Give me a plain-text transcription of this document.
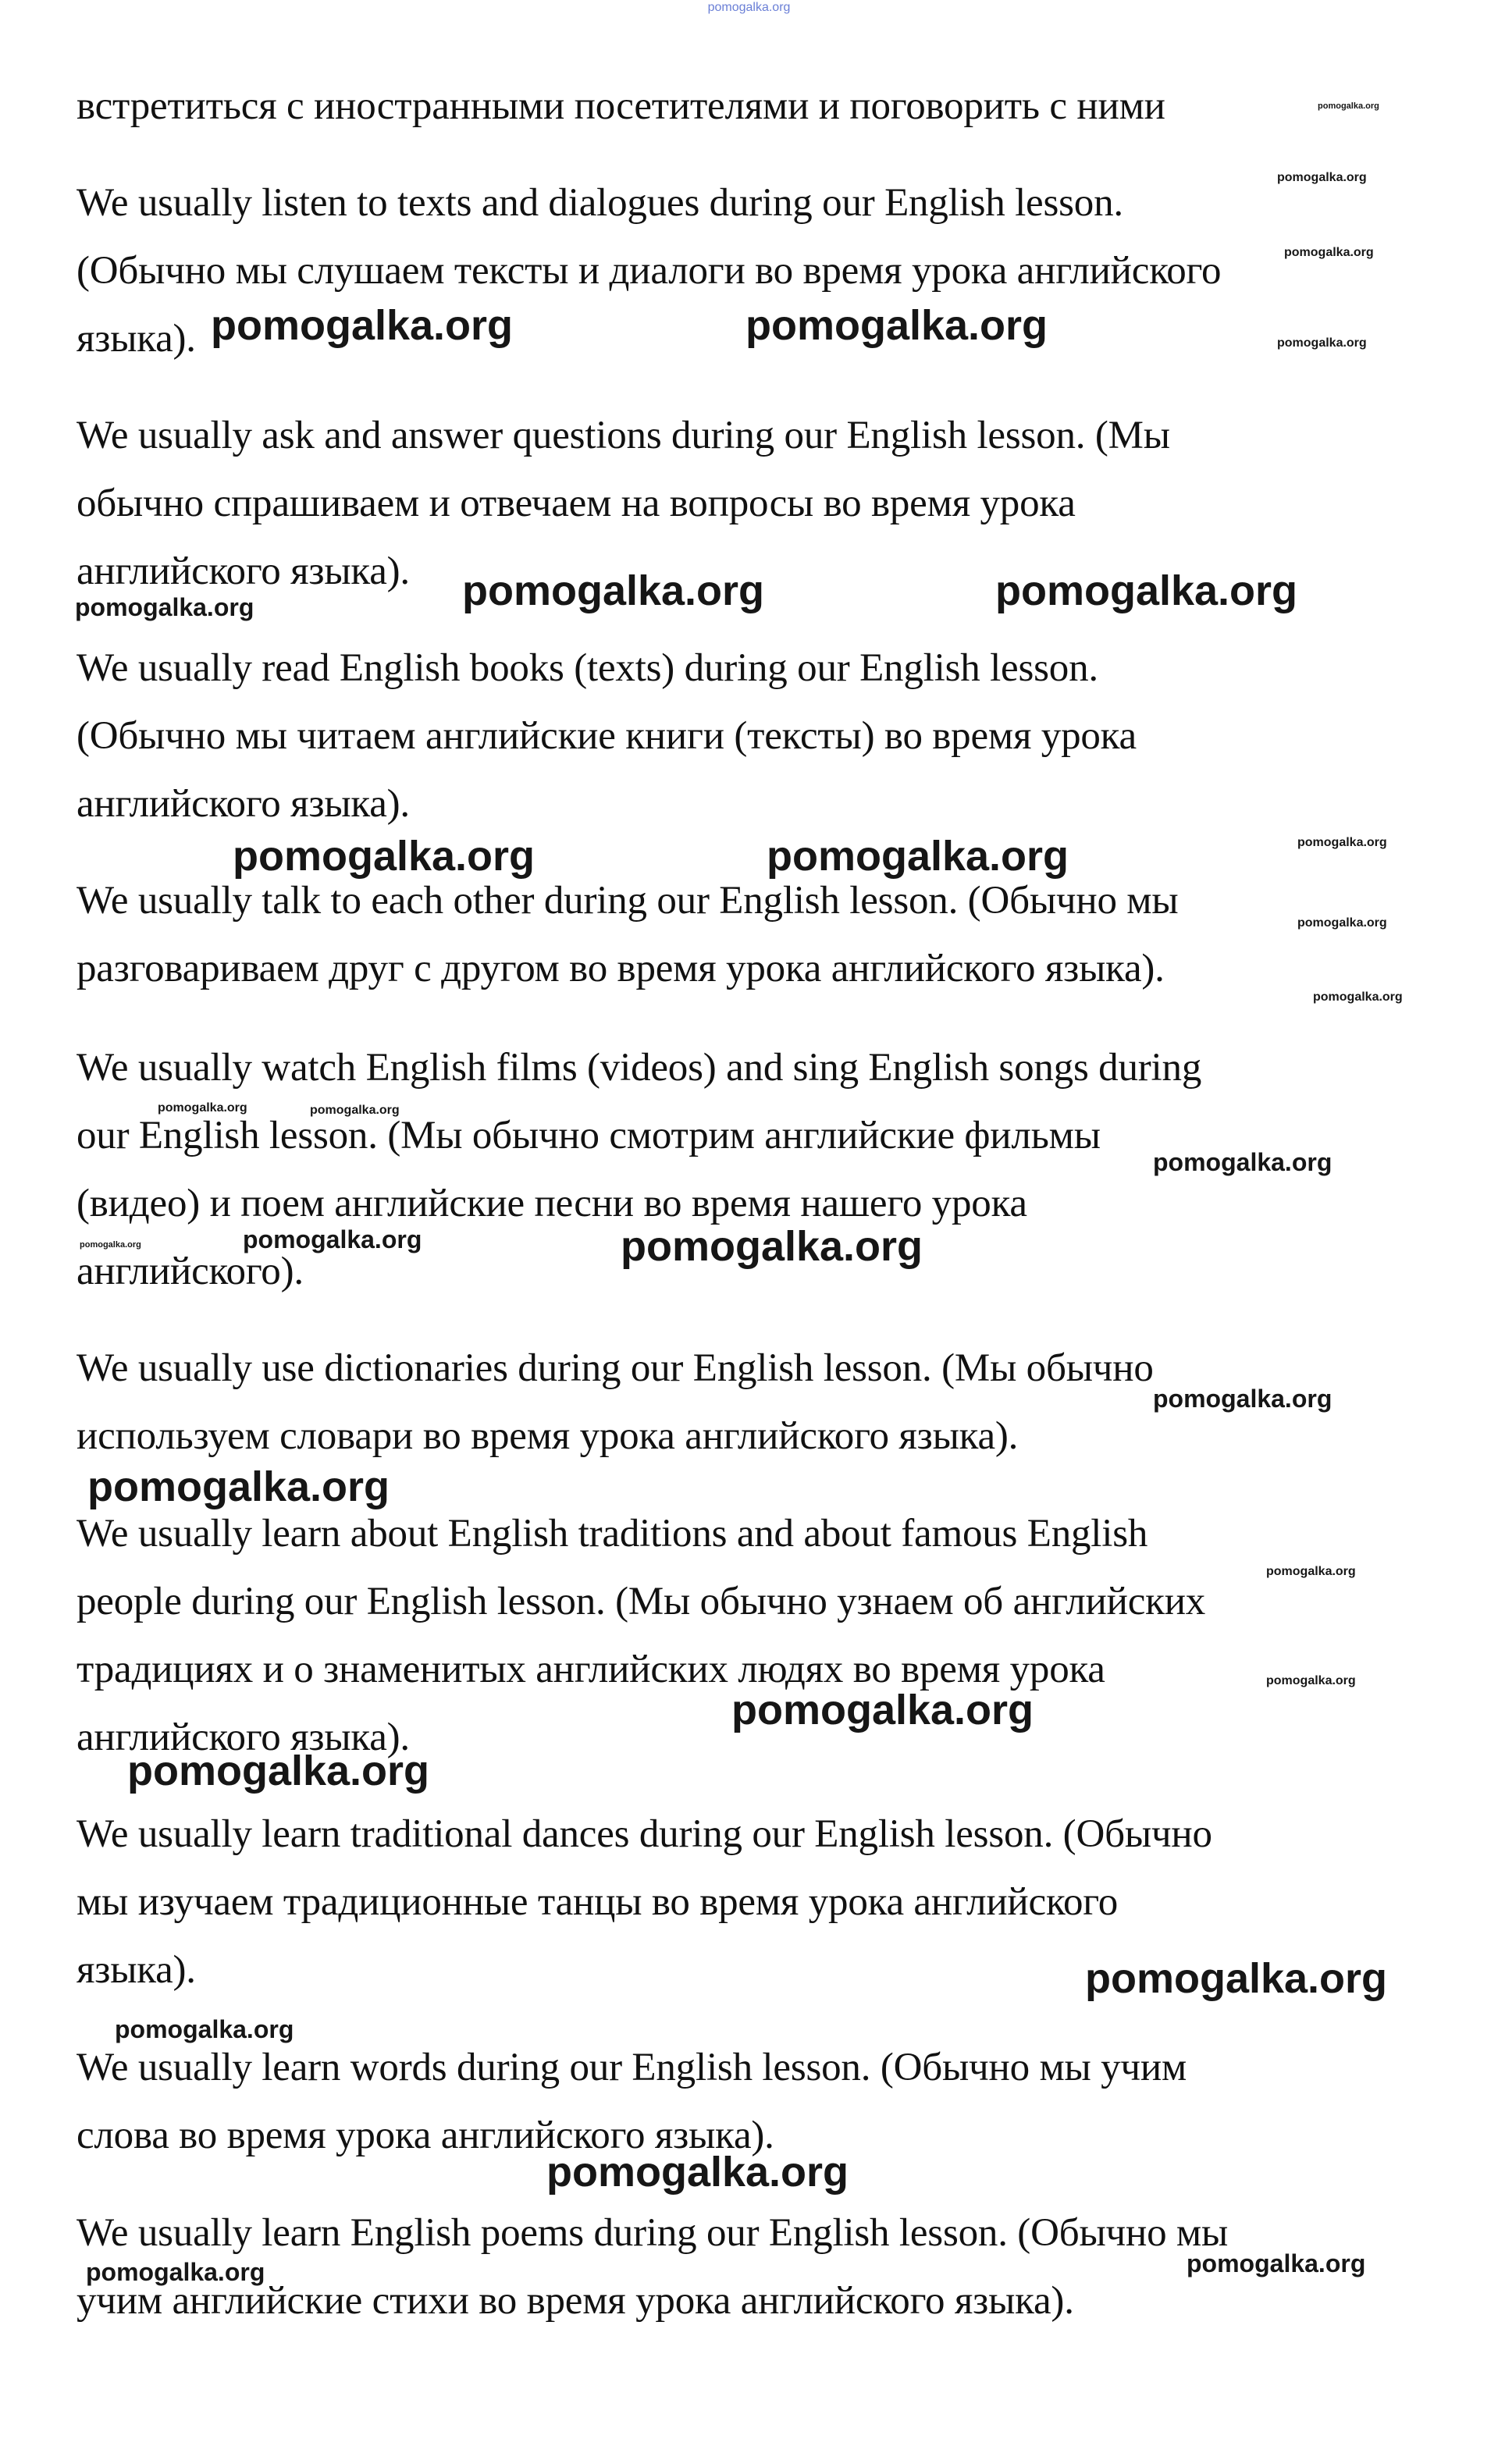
pomogalka.org
встретиться с иностранными посетителями и поговорить с ними
We usually listen to texts and dialogues during our English lesson.
(Обычно мы слушаем тексты и диалоги во время урока английского
языка).
We usually ask and answer questions during our English lesson. (Мы
обычно спрашиваем и отвечаем на вопросы во время урока
английского языка).
We usually read English books (texts) during our English lesson.
(Обычно мы читаем английские книги (тексты) во время урока
английского языка).
We usually talk to each other during our English lesson. (Обычно мы
разговариваем друг с другом во время урока английского языка).
We usually watch English films (videos) and sing English songs during
our English lesson. (Мы обычно смотрим английские фильмы
(видео) и поем английские песни во время нашего урока
английского).
We usually use dictionaries during our English lesson. (Мы обычно
используем словари во время урока английского языка).
We usually learn about English traditions and about famous English
people during our English lesson. (Мы обычно узнаем об английских
традициях и о знаменитых английских людях во время урока
английского языка).
We usually learn traditional dances during our English lesson. (Обычно
мы изучаем традиционные танцы во время урока английского
языка).
We usually learn words during our English lesson. (Обычно мы учим
слова во время урока английского языка).
We usually learn English poems during our English lesson. (Обычно мы
учим английские стихи во время урока английского языка).
pomogalka.org
pomogalka.org
pomogalka.org
pomogalka.org
pomogalka.org	pomogalka.org
pomogalka.org	pomogalka.org	pomogalka.org
pomogalka.org	pomogalka.org	pomogalka.org
pomogalka.org
pomogalka.org
pomogalka.org	pomogalka.org
pomogalka.org
pomogalka.org	pomogalka.org	pomogalka.org
pomogalka.org
pomogalka.org
pomogalka.org
pomogalka.org
pomogalka.org
pomogalka.org
pomogalka.org
pomogalka.org
pomogalka.org
pomogalka.org
pomogalka.org
